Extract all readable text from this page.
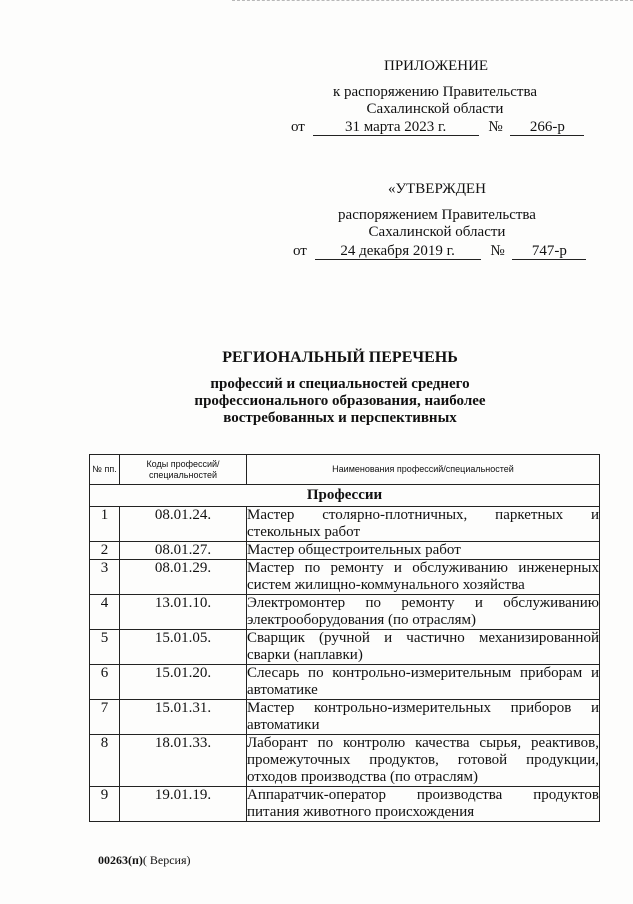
ПРИЛОЖЕНИЕ
к распоряжению Правительства
Сахалинской области
от	31 марта 2023 г.	№ 266-р
«УТВЕРЖДЕН
распоряжением Правительства
Сахалинской области
от 24 декабря 2019 г. № 747-р
РЕГИОНАЛЬНЫЙ ПЕРЕЧЕНЬ
профессий и специальностей среднего
профессионального образования, наиболее
востребованных и перспективных
№ пп.	Коды профессий/ специальностей	Наименования профессий/специальностей
Профессии		
1	08.01.24.	Мастер столярно-плотничных, паркетных и стекольных работ
2	08.01.27.	Мастер общестроительных работ
3	08.01.29.	Мастер по ремонту и обслуживанию инженерных систем жилищно-коммунального хозяйства
4	13.01.10.	Электромонтер по ремонту и обслуживанию электрооборудования (по отраслям)
5	15.01.05.	Сварщик (ручной и частично механизированной сварки (наплавки)
6	15.01.20.	Слесарь по контрольно-измерительным приборам и автоматике
7	15.01.31.	Мастер контрольно-измерительных приборов и автоматики
8	18.01.33.	Лаборант по контролю качества сырья, реактивов, промежуточных продуктов, готовой продукции, отходов производства (по отраслям)
9	19.01.19.	Аппаратчик-оператор производства продуктов питания животного происхождения
00263(п)( Версия)
